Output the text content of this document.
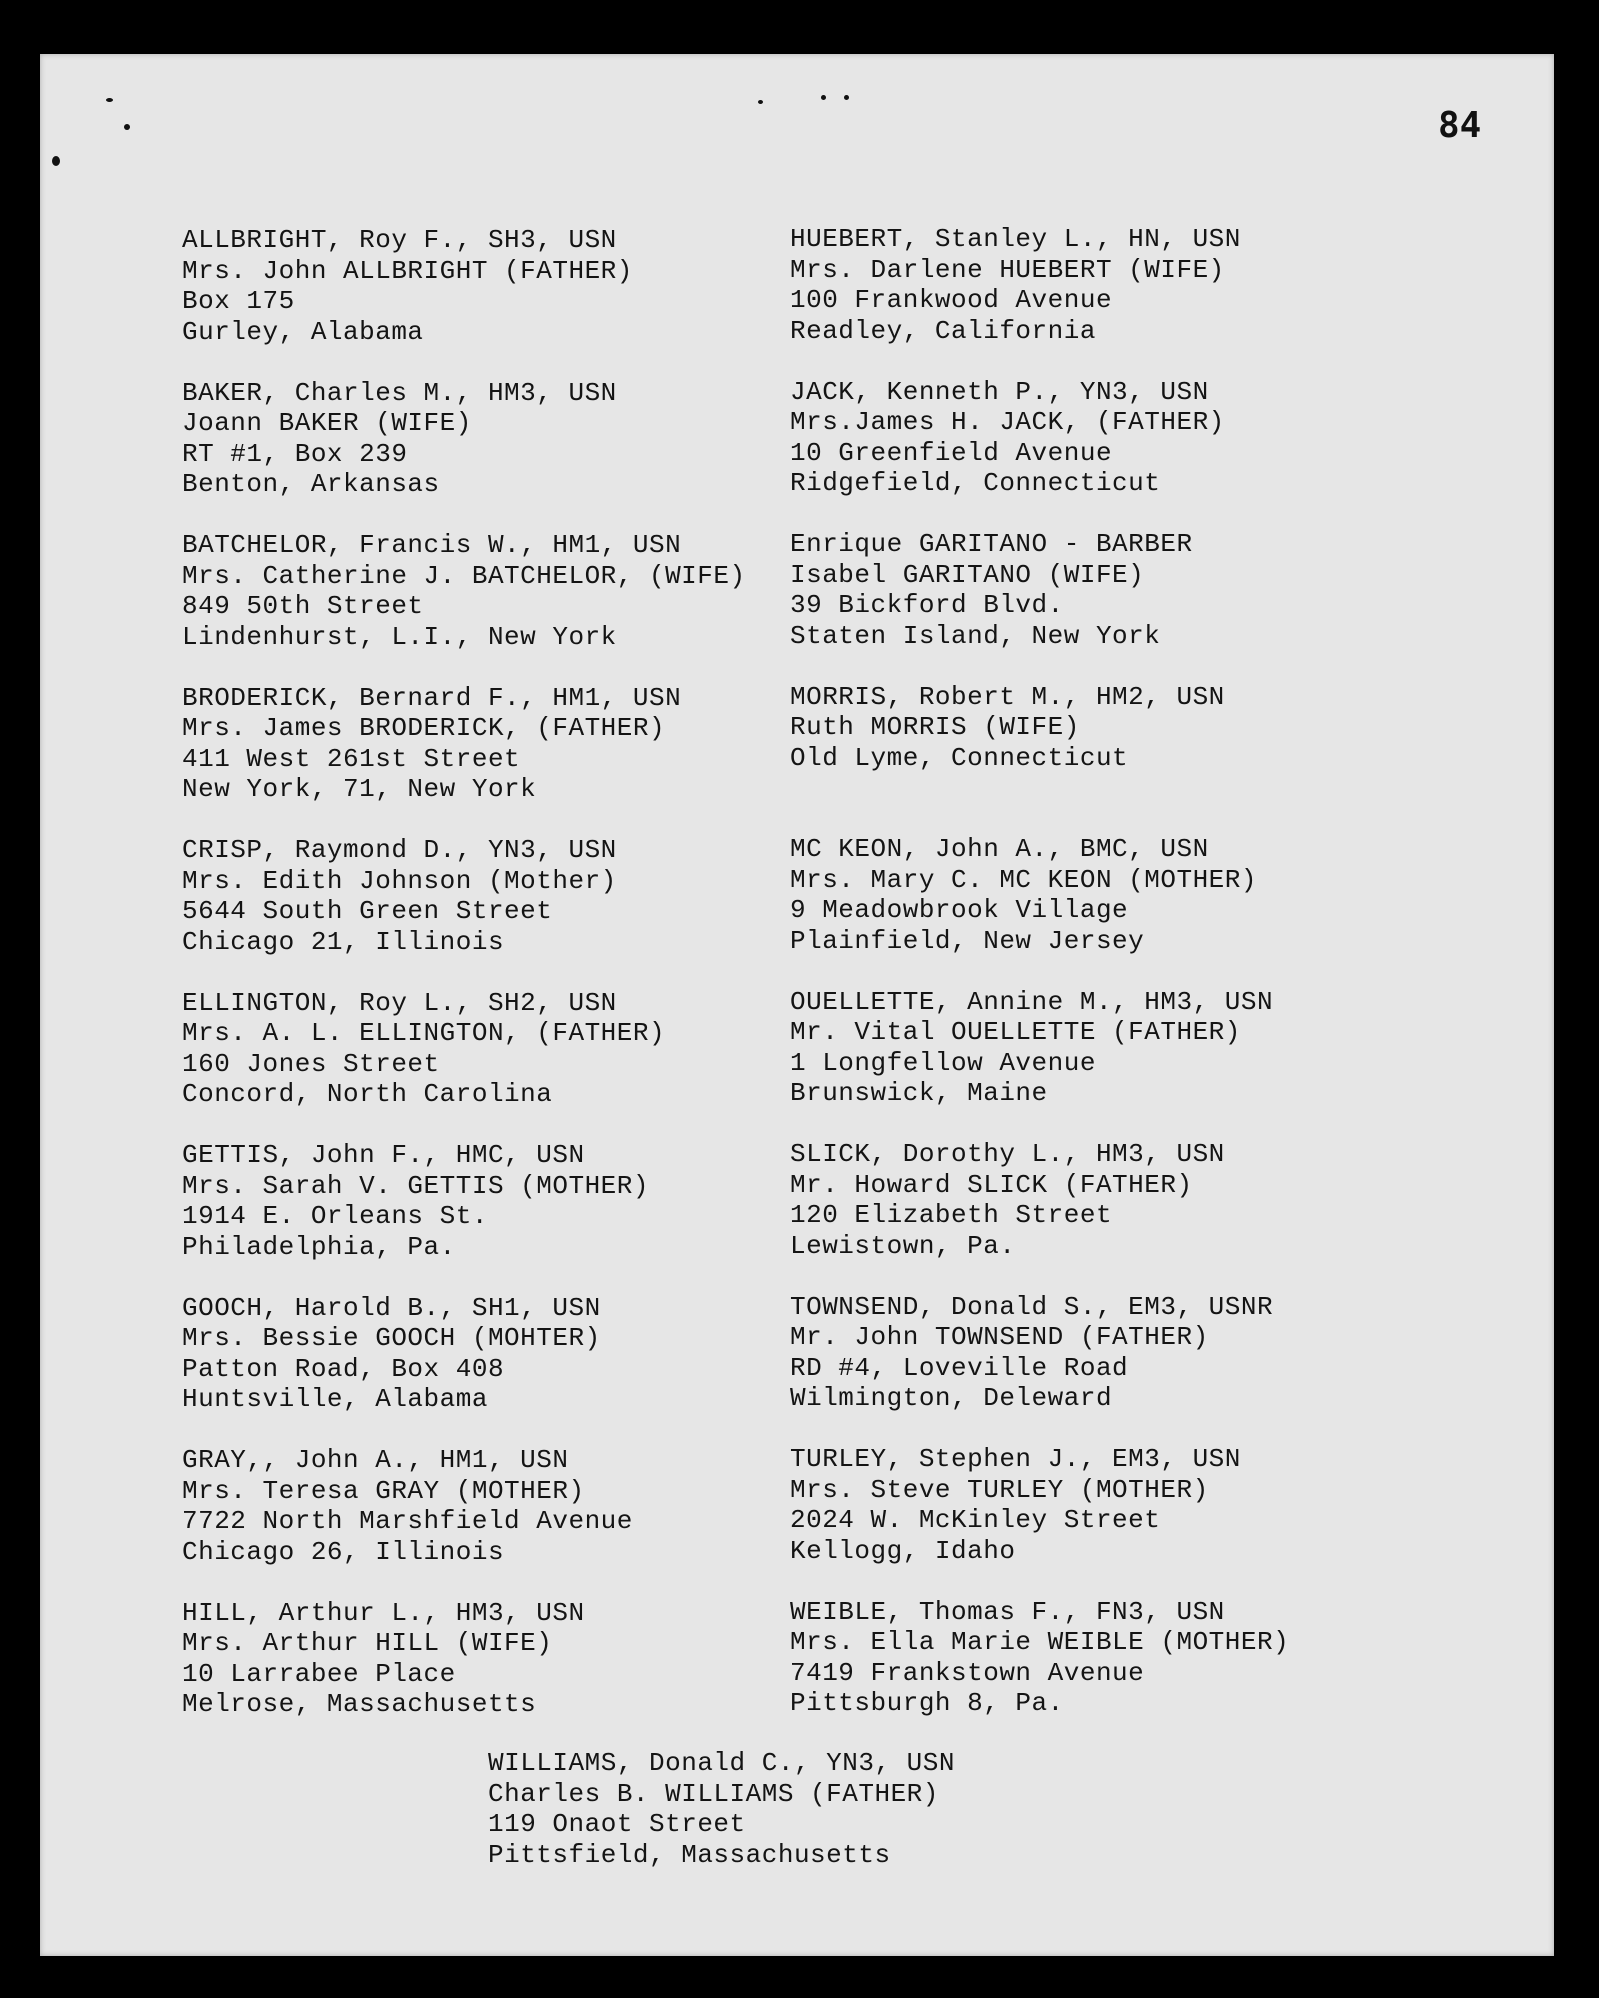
84
ALLBRIGHT, Roy F., SH3, USN
Mrs. John ALLBRIGHT (FATHER)
Box 175
Gurley, Alabama
BAKER, Charles M., HM3, USN
Joann BAKER (WIFE)
RT #1, Box 239
Benton, Arkansas
BATCHELOR, Francis W., HM1, USN
Mrs. Catherine J. BATCHELOR, (WIFE)
849 50th Street
Lindenhurst, L.I., New York
BRODERICK, Bernard F., HM1, USN
Mrs. James BRODERICK, (FATHER)
411 West 261st Street
New York, 71, New York
CRISP, Raymond D., YN3, USN
Mrs. Edith Johnson (Mother)
5644 South Green Street
Chicago 21, Illinois
ELLINGTON, Roy L., SH2, USN
Mrs. A. L. ELLINGTON, (FATHER)
160 Jones Street
Concord, North Carolina
GETTIS, John F., HMC, USN
Mrs. Sarah V. GETTIS (MOTHER)
1914 E. Orleans St.
Philadelphia, Pa.
GOOCH, Harold B., SH1, USN
Mrs. Bessie GOOCH (MOHTER)
Patton Road, Box 408
Huntsville, Alabama
GRAY,, John A., HM1, USN
Mrs. Teresa GRAY (MOTHER)
7722 North Marshfield Avenue
Chicago 26, Illinois
HILL, Arthur L., HM3, USN
Mrs. Arthur HILL (WIFE)
10 Larrabee Place
Melrose, Massachusetts
HUEBERT, Stanley L., HN, USN
Mrs. Darlene HUEBERT (WIFE)
100 Frankwood Avenue
Readley, California
JACK, Kenneth P., YN3, USN
Mrs.James H. JACK, (FATHER)
10 Greenfield Avenue
Ridgefield, Connecticut
Enrique GARITANO - BARBER
Isabel GARITANO (WIFE)
39 Bickford Blvd.
Staten Island, New York
MORRIS, Robert M., HM2, USN
Ruth MORRIS (WIFE)
Old Lyme, Connecticut
MC KEON, John A., BMC, USN
Mrs. Mary C. MC KEON (MOTHER)
9 Meadowbrook Village
Plainfield, New Jersey
OUELLETTE, Annine M., HM3, USN
Mr. Vital OUELLETTE (FATHER)
1 Longfellow Avenue
Brunswick, Maine
SLICK, Dorothy L., HM3, USN
Mr. Howard SLICK (FATHER)
120 Elizabeth Street
Lewistown, Pa.
TOWNSEND, Donald S., EM3, USNR
Mr. John TOWNSEND (FATHER)
RD #4, Loveville Road
Wilmington, Deleward
TURLEY, Stephen J., EM3, USN
Mrs. Steve TURLEY (MOTHER)
2024 W. McKinley Street
Kellogg, Idaho
WEIBLE, Thomas F., FN3, USN
Mrs. Ella Marie WEIBLE (MOTHER)
7419 Frankstown Avenue
Pittsburgh 8, Pa.
WILLIAMS, Donald C., YN3, USN
Charles B. WILLIAMS (FATHER)
119 Onaot Street
Pittsfield, Massachusetts
